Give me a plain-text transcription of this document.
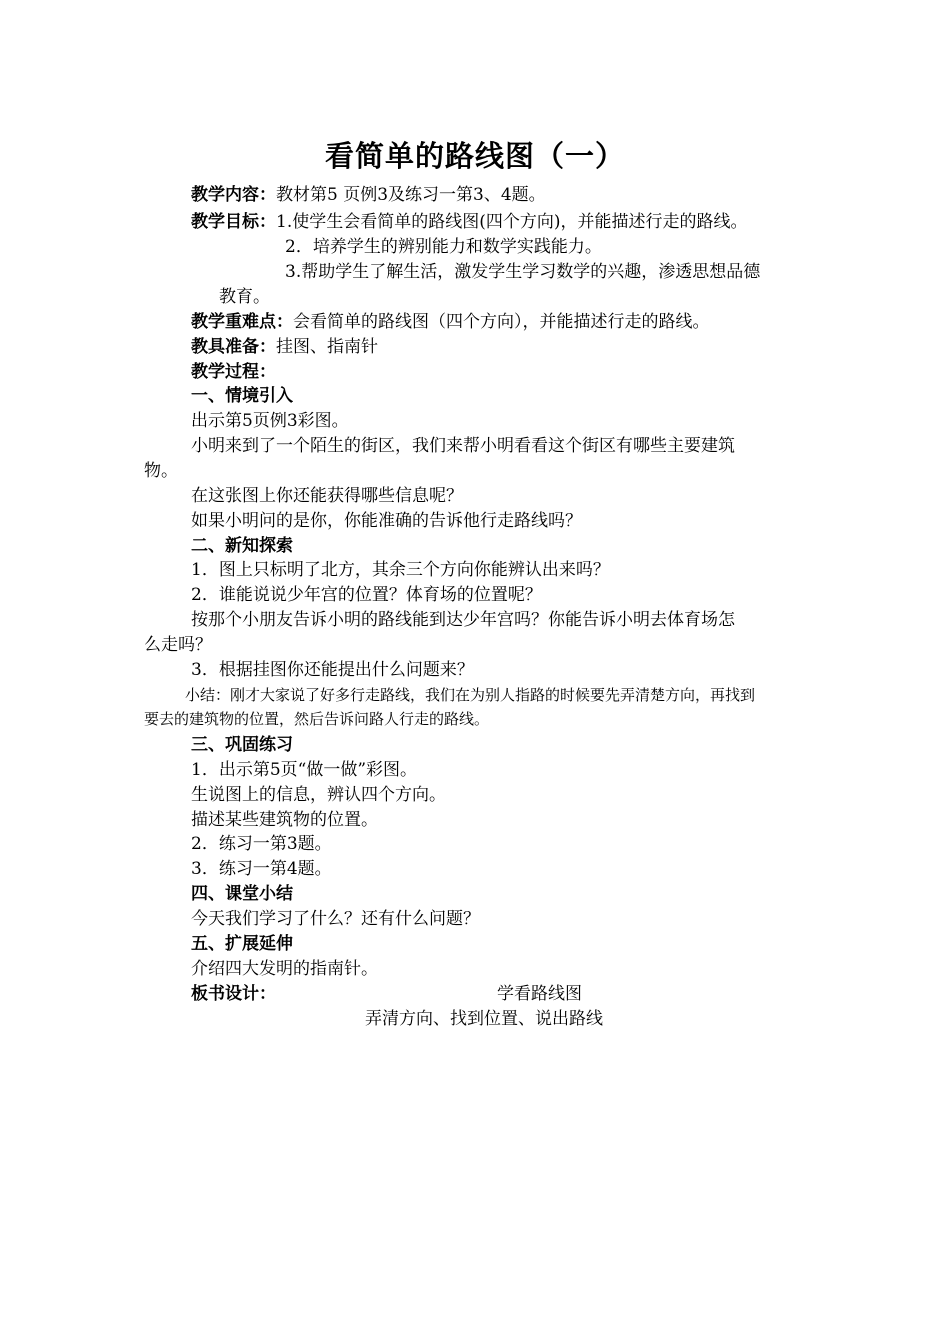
看简单的路线图（一）
教学内容：教材第5 页例3及练习一第3、4题。
教学目标：1.使学生会看简单的路线图(四个方向)，并能描述行走的路线。
2．培养学生的辨别能力和数学实践能力。
3.帮助学生了解生活，激发学生学习数学的兴趣，渗透思想品德
教育。
教学重难点：会看简单的路线图（四个方向），并能描述行走的路线。
教具准备：挂图、指南针
教学过程：
一、情境引入
出示第5页例3彩图。
小明来到了一个陌生的街区，我们来帮小明看看这个街区有哪些主要建筑
物。
在这张图上你还能获得哪些信息呢？
如果小明问的是你，你能准确的告诉他行走路线吗？
二、新知探索
1．图上只标明了北方，其余三个方向你能辨认出来吗？
2．谁能说说少年宫的位置？体育场的位置呢？
按那个小朋友告诉小明的路线能到达少年宫吗？你能告诉小明去体育场怎
么走吗？
3．根据挂图你还能提出什么问题来？
小结：刚才大家说了好多行走路线，我们在为别人指路的时候要先弄清楚方向，再找到
要去的建筑物的位置，然后告诉问路人行走的路线。
三、巩固练习
1．出示第5页“做一做”彩图。
生说图上的信息，辨认四个方向。
描述某些建筑物的位置。
2．练习一第3题。
3．练习一第4题。
四、课堂小结
今天我们学习了什么？还有什么问题？
五、扩展延伸
介绍四大发明的指南针。
板书设计：	学看路线图
弄清方向、找到位置、说出路线
